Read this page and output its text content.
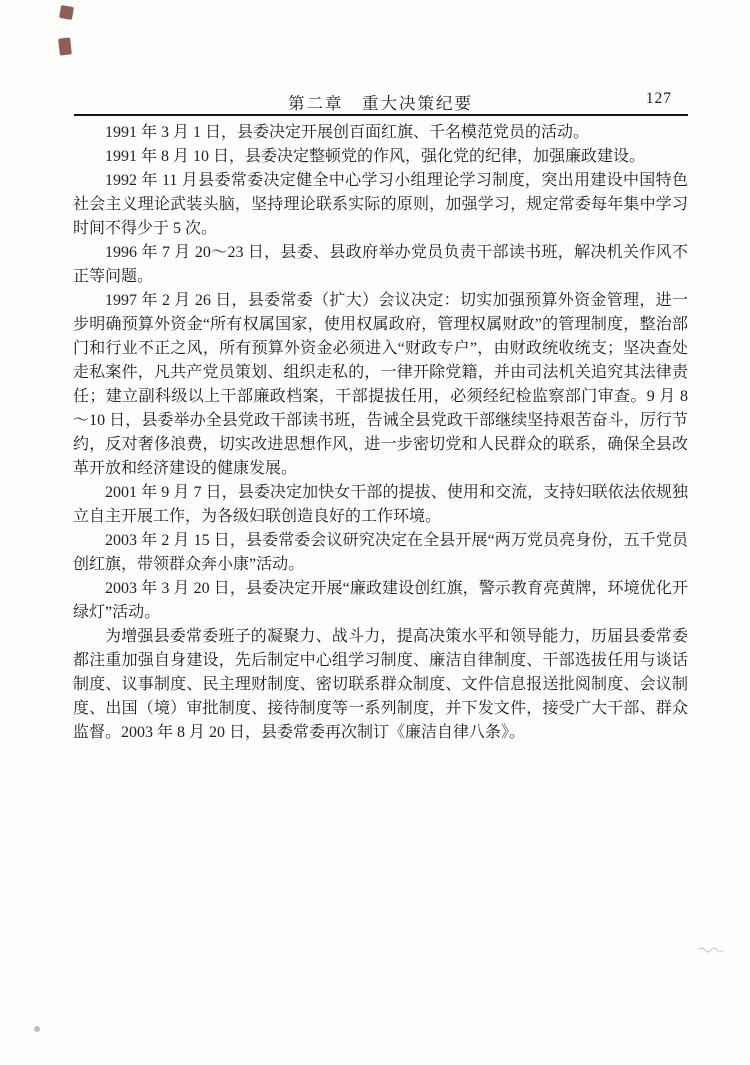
第二章　重大决策纪要	127

1991 年 3 月 1 日，县委决定开展创百面红旗、千名模范党员的活动。

1991 年 8 月 10 日，县委决定整顿党的作风，强化党的纪律，加强廉政建设。

1992 年 11 月县委常委决定健全中心学习小组理论学习制度，突出用建设中国特色社会主义理论武装头脑，坚持理论联系实际的原则，加强学习，规定常委每年集中学习时间不得少于 5 次。

1996 年 7 月 20～23 日，县委、县政府举办党员负责干部读书班，解决机关作风不正等问题。

1997 年 2 月 26 日，县委常委（扩大）会议决定：切实加强预算外资金管理，进一步明确预算外资金“所有权属国家，使用权属政府，管理权属财政”的管理制度，整治部门和行业不正之风，所有预算外资金必须进入“财政专户”，由财政统收统支；坚决查处走私案件，凡共产党员策划、组织走私的，一律开除党籍，并由司法机关追究其法律责任；建立副科级以上干部廉政档案，干部提拔任用，必须经纪检监察部门审查。9 月 8～10 日，县委举办全县党政干部读书班，告诫全县党政干部继续坚持艰苦奋斗，厉行节约，反对奢侈浪费，切实改进思想作风，进一步密切党和人民群众的联系，确保全县改革开放和经济建设的健康发展。

2001 年 9 月 7 日，县委决定加快女干部的提拔、使用和交流，支持妇联依法依规独立自主开展工作，为各级妇联创造良好的工作环境。

2003 年 2 月 15 日，县委常委会议研究决定在全县开展“两万党员亮身份，五千党员创红旗，带领群众奔小康”活动。

2003 年 3 月 20 日，县委决定开展“廉政建设创红旗，警示教育亮黄牌，环境优化开绿灯”活动。

为增强县委常委班子的凝聚力、战斗力，提高决策水平和领导能力，历届县委常委都注重加强自身建设，先后制定中心组学习制度、廉洁自律制度、干部选拔任用与谈话制度、议事制度、民主理财制度、密切联系群众制度、文件信息报送批阅制度、会议制度、出国（境）审批制度、接待制度等一系列制度，并下发文件，接受广大干部、群众监督。2003 年 8 月 20 日，县委常委再次制订《廉洁自律八条》。
